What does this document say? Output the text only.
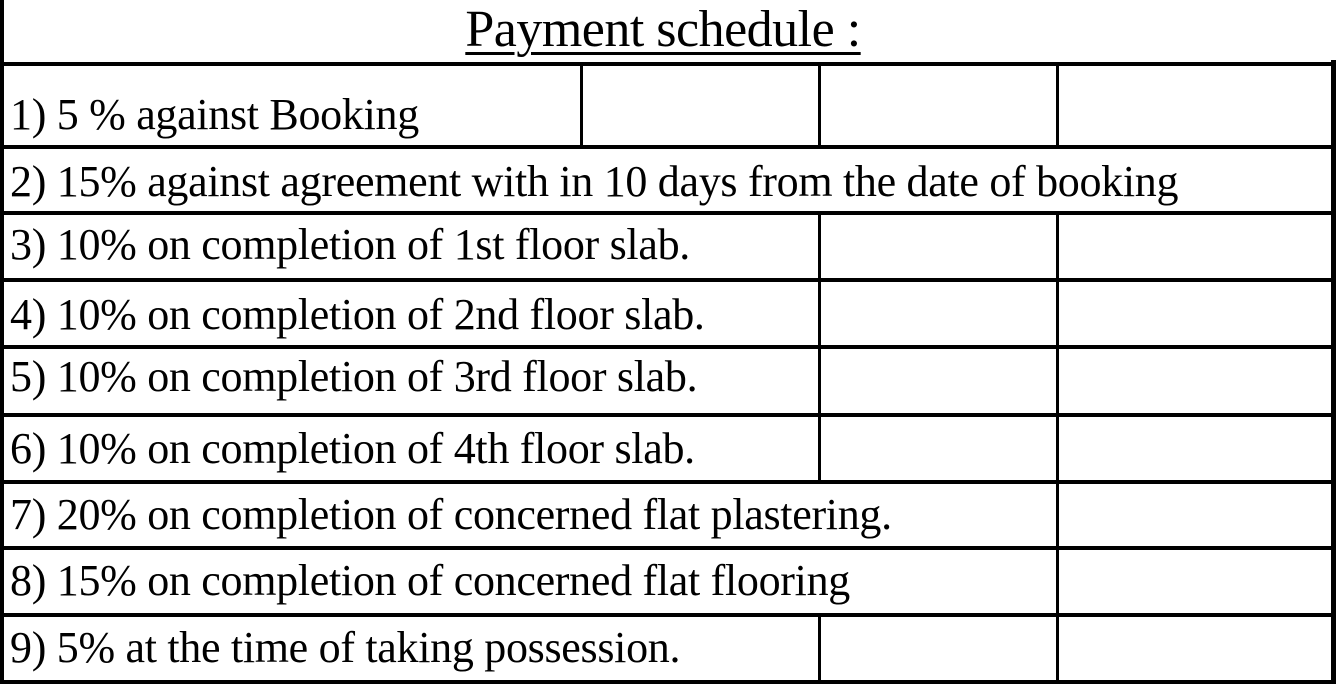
Payment schedule :
1) 5 % against Booking
2) 15% against agreement with in 10 days from the date of booking
3) 10% on completion of 1st floor slab.
4) 10% on completion of 2nd floor slab.
5) 10% on completion of 3rd floor slab.
6) 10% on completion of 4th floor slab.
7) 20% on completion of concerned flat plastering.
8) 15% on completion of concerned flat flooring
9) 5% at the time of taking possession.
